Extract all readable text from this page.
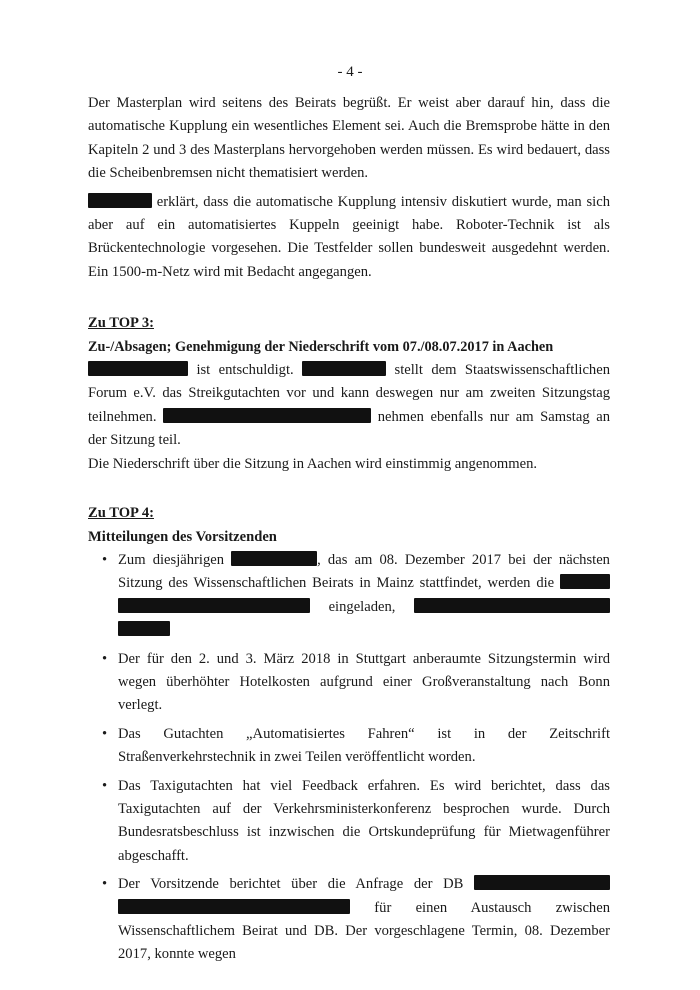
- 4 -

Der Masterplan wird seitens des Beirats begrüßt. Er weist aber darauf hin, dass die automatische Kupplung ein wesentliches Element sei. Auch die Bremsprobe hätte in den Kapiteln 2 und 3 des Masterplans hervorgehoben werden müssen. Es wird bedauert, dass die Scheibenbremsen nicht thematisiert werden.

erklärt, dass die automatische Kupplung intensiv diskutiert wurde, man sich aber auf ein automatisiertes Kuppeln geeinigt habe. Roboter-Technik ist als Brückentechnologie vorgesehen. Die Testfelder sollen bundesweit ausgedehnt werden. Ein 1500-m-Netz wird mit Bedacht angegangen.

Zu TOP 3:

Zu-/Absagen; Genehmigung der Niederschrift vom 07./08.07.2017 in Aachen

ist entschuldigt.	stellt dem Staatswissenschaftlichen Forum e.V. das Streikgutachten vor und kann deswegen nur am zweiten Sitzungstag teilnehmen.	nehmen ebenfalls nur am Samstag an der Sitzung teil.

Die Niederschrift über die Sitzung in Aachen wird einstimmig angenommen.

Zu TOP 4:

Mitteilungen des Vorsitzenden

• Zum diesjährigen	, das am 08. Dezember 2017 bei der nächsten Sitzung des Wissenschaftlichen Beirats in Mainz stattfindet, werden die   eingeladen,
• Der für den 2. und 3. März 2018 in Stuttgart anberaumte Sitzungstermin wird wegen überhöhter Hotelkosten aufgrund einer Großveranstaltung nach Bonn verlegt.
• Das Gutachten „Automatisiertes Fahren“ ist in der Zeitschrift Straßenverkehrstechnik in zwei Teilen veröffentlicht worden.
• Das Taxigutachten hat viel Feedback erfahren. Es wird berichtet, dass das Taxigutachten auf der Verkehrsministerkonferenz besprochen wurde. Durch Bundesratsbeschluss ist inzwischen die Ortskundeprüfung für Mietwagenführer abgeschafft.
• Der Vorsitzende berichtet über die Anfrage der DB   für einen Austausch zwischen Wissenschaftlichem Beirat und DB. Der vorgeschlagene Termin, 08. Dezember 2017, konnte wegen
